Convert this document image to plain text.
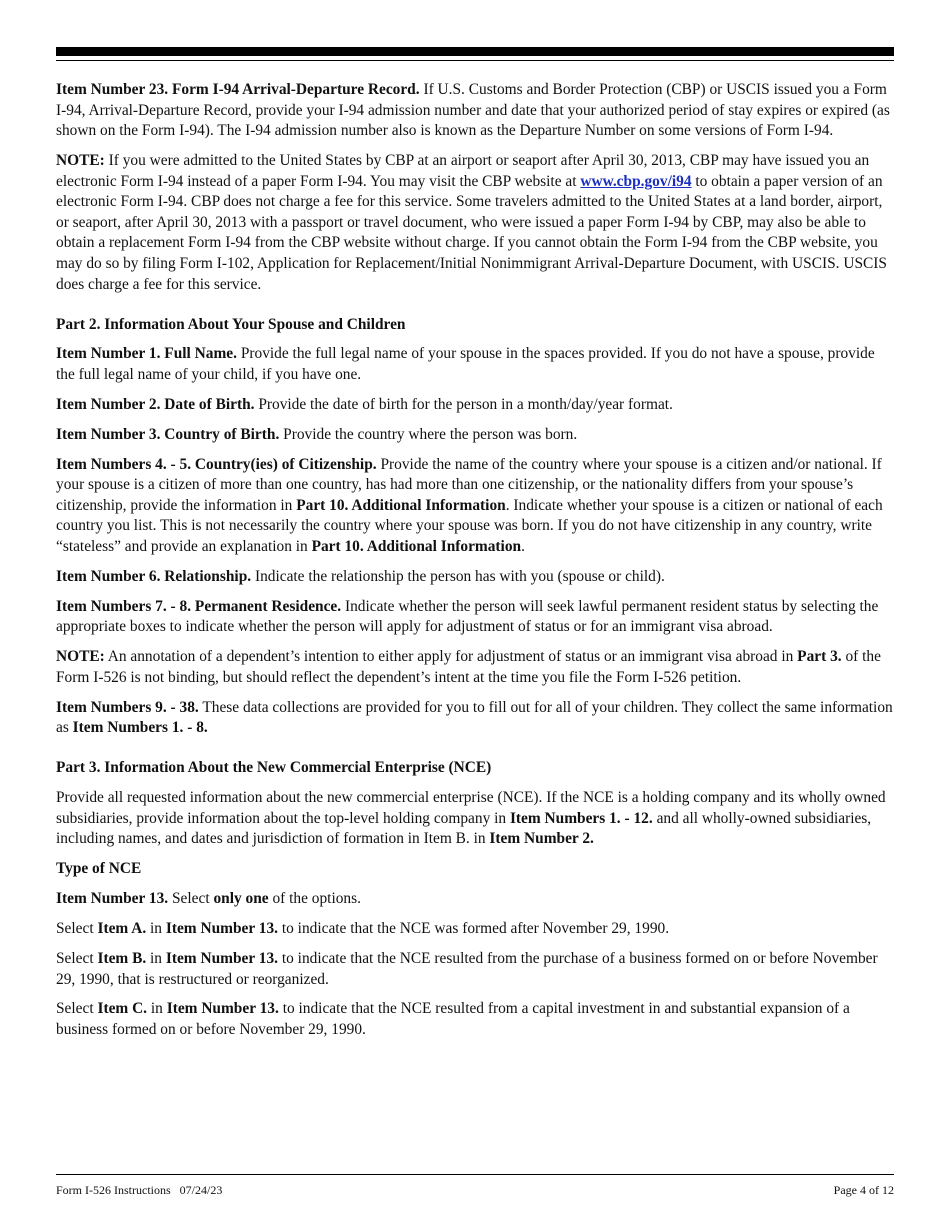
Item Number 23. Form I-94 Arrival-Departure Record. If U.S. Customs and Border Protection (CBP) or USCIS issued you a Form I-94, Arrival-Departure Record, provide your I-94 admission number and date that your authorized period of stay expires or expired (as shown on the Form I-94). The I-94 admission number also is known as the Departure Number on some versions of Form I-94.

NOTE: If you were admitted to the United States by CBP at an airport or seaport after April 30, 2013, CBP may have issued you an electronic Form I-94 instead of a paper Form I-94. You may visit the CBP website at www.cbp.gov/i94 to obtain a paper version of an electronic Form I-94. CBP does not charge a fee for this service. Some travelers admitted to the United States at a land border, airport, or seaport, after April 30, 2013 with a passport or travel document, who were issued a paper Form I-94 by CBP, may also be able to obtain a replacement Form I-94 from the CBP website without charge. If you cannot obtain the Form I-94 from the CBP website, you may do so by filing Form I-102, Application for Replacement/Initial Nonimmigrant Arrival-Departure Document, with USCIS. USCIS does charge a fee for this service.

Part 2. Information About Your Spouse and Children

Item Number 1. Full Name. Provide the full legal name of your spouse in the spaces provided. If you do not have a spouse, provide the full legal name of your child, if you have one.

Item Number 2. Date of Birth. Provide the date of birth for the person in a month/day/year format.

Item Number 3. Country of Birth. Provide the country where the person was born.

Item Numbers 4. - 5. Country(ies) of Citizenship. Provide the name of the country where your spouse is a citizen and/or national. If your spouse is a citizen of more than one country, has had more than one citizenship, or the nationality differs from your spouse’s citizenship, provide the information in Part 10. Additional Information. Indicate whether your spouse is a citizen or national of each country you list. This is not necessarily the country where your spouse was born. If you do not have citizenship in any country, write “stateless” and provide an explanation in Part 10. Additional Information.

Item Number 6. Relationship. Indicate the relationship the person has with you (spouse or child).

Item Numbers 7. - 8. Permanent Residence. Indicate whether the person will seek lawful permanent resident status by selecting the appropriate boxes to indicate whether the person will apply for adjustment of status or for an immigrant visa abroad.

NOTE: An annotation of a dependent’s intention to either apply for adjustment of status or an immigrant visa abroad in Part 3. of the Form I-526 is not binding, but should reflect the dependent’s intent at the time you file the Form I-526 petition.

Item Numbers 9. - 38. These data collections are provided for you to fill out for all of your children. They collect the same information as Item Numbers 1. - 8.

Part 3. Information About the New Commercial Enterprise (NCE)

Provide all requested information about the new commercial enterprise (NCE). If the NCE is a holding company and its wholly owned subsidiaries, provide information about the top-level holding company in Item Numbers 1. - 12. and all wholly-owned subsidiaries, including names, and dates and jurisdiction of formation in Item B. in Item Number 2.

Type of NCE

Item Number 13. Select only one of the options.

Select Item A. in Item Number 13. to indicate that the NCE was formed after November 29, 1990.

Select Item B. in Item Number 13. to indicate that the NCE resulted from the purchase of a business formed on or before November 29, 1990, that is restructured or reorganized.

Select Item C. in Item Number 13. to indicate that the NCE resulted from a capital investment in and substantial expansion of a business formed on or before November 29, 1990.

Form I-526 Instructions   07/24/23	Page 4 of 12
